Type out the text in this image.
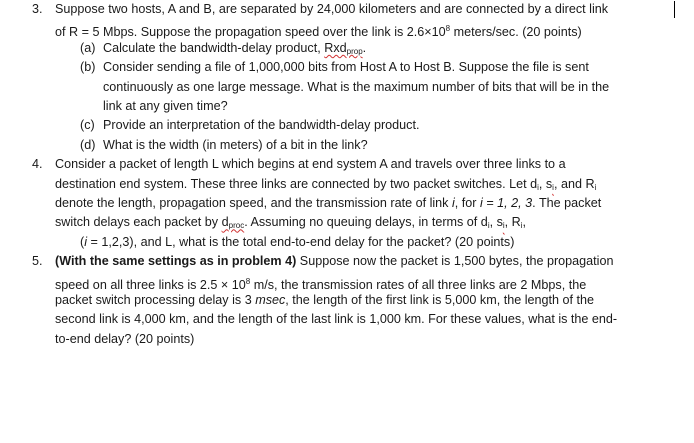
3. Suppose two hosts, A and B, are separated by 24,000 kilometers and are connected by a direct link
of R = 5 Mbps. Suppose the propagation speed over the link is $2.6\times 10^8$ meters/sec. (20 points)
(a) Calculate the bandwidth-delay product, Rxdprop.
(b) Consider sending a file of 1,000,000 bits from Host A to Host B. Suppose the file is sent
continuously as one large message. What is the maximum number of bits that will be in the
link at any given time?
(c) Provide an interpretation of the bandwidth-delay product.
(d) What is the width (in meters) of a bit in the link?
4. Consider a packet of length L which begins at end system A and travels over three links to a
destination end system. These three links are connected by two packet switches. Let di, si, and Ri
denote the length, propagation speed, and the transmission rate of link i, for i = 1, 2, 3. The packet
switch delays each packet by dproc. Assuming no queuing delays, in terms of di, si, Ri,
(i = 1,2,3), and L, what is the total end-to-end delay for the packet? (20 points)
5. (With the same settings as in problem 4) Suppose now the packet is 1,500 bytes, the propagation
speed on all three links is $2.5 \times 10^8$ m/s, the transmission rates of all three links are 2 Mbps, the
packet switch processing delay is 3 msec, the length of the first link is 5,000 km, the length of the
second link is 4,000 km, and the length of the last link is 1,000 km. For these values, what is the end-
to-end delay? (20 points)
